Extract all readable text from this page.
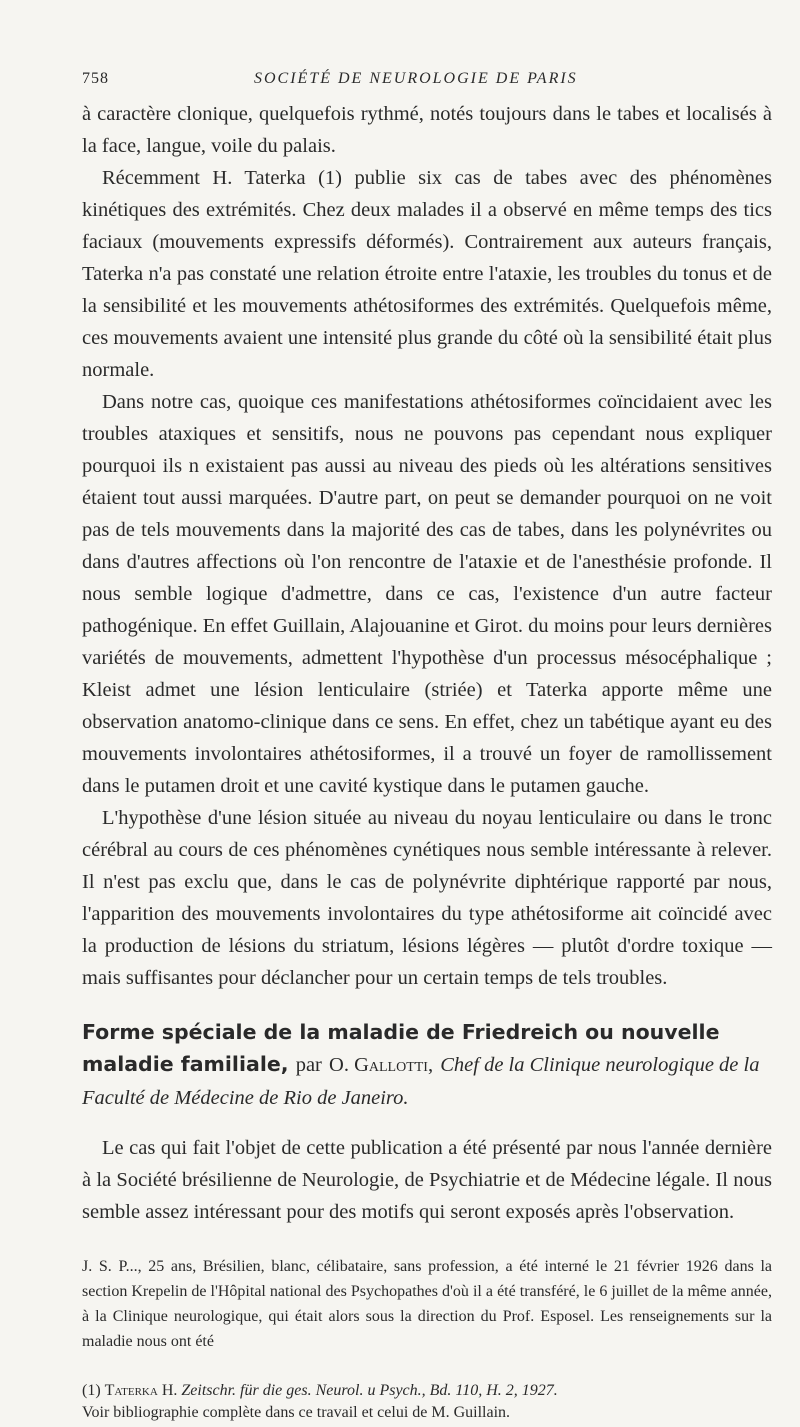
758	SOCIÉTÉ DE NEUROLOGIE DE PARIS

à caractère clonique, quelquefois rythmé, notés toujours dans le tabes et localisés à la face, langue, voile du palais.

Récemment H. Taterka (1) publie six cas de tabes avec des phénomènes kinétiques des extrémités. Chez deux malades il a observé en même temps des tics faciaux (mouvements expressifs déformés). Contrairement aux auteurs français, Taterka n'a pas constaté une relation étroite entre l'ataxie, les troubles du tonus et de la sensibilité et les mouvements athétosiformes des extrémités. Quelquefois même, ces mouvements avaient une intensité plus grande du côté où la sensibilité était plus normale.

Dans notre cas, quoique ces manifestations athétosiformes coïncidaient avec les troubles ataxiques et sensitifs, nous ne pouvons pas cependant nous expliquer pourquoi ils n existaient pas aussi au niveau des pieds où les altérations sensitives étaient tout aussi marquées. D'autre part, on peut se demander pourquoi on ne voit pas de tels mouvements dans la majorité des cas de tabes, dans les polynévrites ou dans d'autres affections où l'on rencontre de l'ataxie et de l'anesthésie profonde. Il nous semble logique d'admettre, dans ce cas, l'existence d'un autre facteur pathogénique. En effet Guillain, Alajouanine et Girot. du moins pour leurs dernières variétés de mouvements, admettent l'hypothèse d'un processus mésocéphalique ; Kleist admet une lésion lenticulaire (striée) et Taterka apporte même une observation anatomo-clinique dans ce sens. En effet, chez un tabétique ayant eu des mouvements involontaires athétosiformes, il a trouvé un foyer de ramollissement dans le putamen droit et une cavité kystique dans le putamen gauche.

L'hypothèse d'une lésion située au niveau du noyau lenticulaire ou dans le tronc cérébral au cours de ces phénomènes cynétiques nous semble intéressante à relever. Il n'est pas exclu que, dans le cas de polynévrite diphtérique rapporté par nous, l'apparition des mouvements involontaires du type athétosiforme ait coïncidé avec la production de lésions du striatum, lésions légères — plutôt d'ordre toxique — mais suffisantes pour déclancher pour un certain temps de tels troubles.

Forme spéciale de la maladie de Friedreich ou nouvelle maladie familiale, par O. Gallotti, Chef de la Clinique neurologique de la Faculté de Médecine de Rio de Janeiro.

Le cas qui fait l'objet de cette publication a été présenté par nous l'année dernière à la Société brésilienne de Neurologie, de Psychiatrie et de Médecine légale. Il nous semble assez intéressant pour des motifs qui seront exposés après l'observation.

J. S. P..., 25 ans, Brésilien, blanc, célibataire, sans profession, a été interné le 21 février 1926 dans la section Krepelin de l'Hôpital national des Psychopathes d'où il a été transféré, le 6 juillet de la même année, à la Clinique neurologique, qui était alors sous la direction du Prof. Esposel. Les renseignements sur la maladie nous ont été

(1) Taterka H. Zeitschr. für die ges. Neurol. u Psych., Bd. 110, H. 2, 1927.
Voir bibliographie complète dans ce travail et celui de M. Guillain.
